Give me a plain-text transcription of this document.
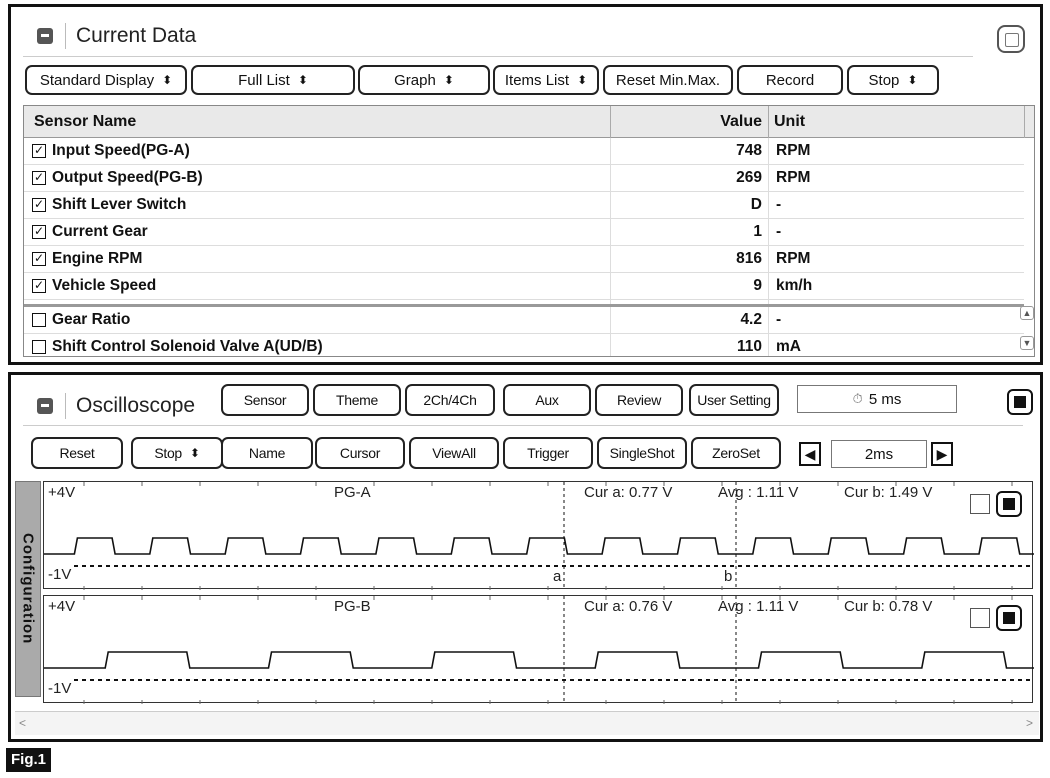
Current Data
Standard Display ⬍	Full List ⬍	Graph ⬍	Items List ⬍ Reset Min.Max.	Record	Stop ⬍
Sensor Name	Value Unit
✓ Input Speed(PG-A)	748 RPM
✓ Output Speed(PG-B)	269 RPM
✓ Shift Lever Switch	D -
✓ Current Gear	1 -
✓ Engine RPM	816 RPM
✓ Vehicle Speed	9 km/h
Gear Ratio	4.2 -
Shift Control Solenoid Valve A(UD/B)	110 mA
▲
▼
Oscilloscope	Sensor	Theme	2Ch/4Ch	Aux	Review	User Setting	⏱ 5 ms
Reset	Stop ⬍	Name	Cursor	ViewAll	Trigger	SingleShot	ZeroSet	◀	2ms	▶
Configuration
+4V	PG-A	Cur a: 0.77 V	Avg : 1.11 V	Cur b: 1.49 V
-1V	a	b
+4V	PG-B	Cur a: 0.76 V	Avg : 1.11 V	Cur b: 0.78 V
-1V
<	>
Fig.1
